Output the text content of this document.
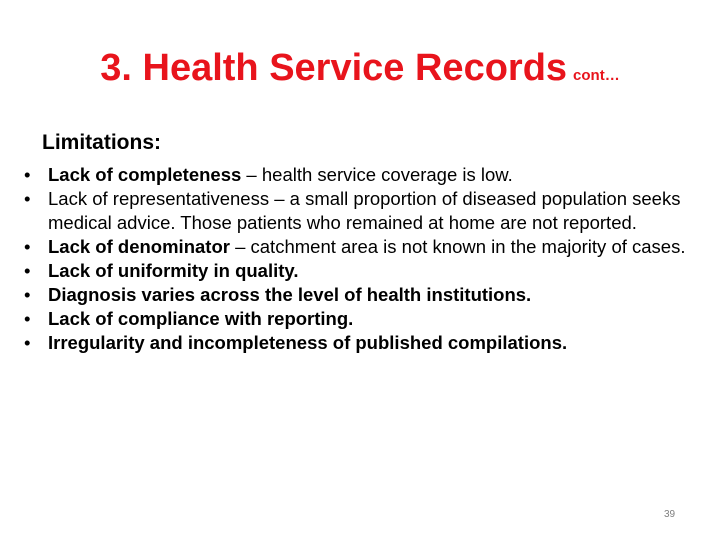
3. Health Service Records cont…
Limitations:
• Lack of completeness – health service coverage is low.
• Lack of representativeness – a small proportion of diseased population seeks medical advice. Those patients who remained at home are not reported.
• Lack of denominator – catchment area is not known in the majority of cases.
• Lack of uniformity in quality.
• Diagnosis varies across the level of health institutions.
• Lack of compliance with reporting.
• Irregularity and incompleteness of published compilations.
39
